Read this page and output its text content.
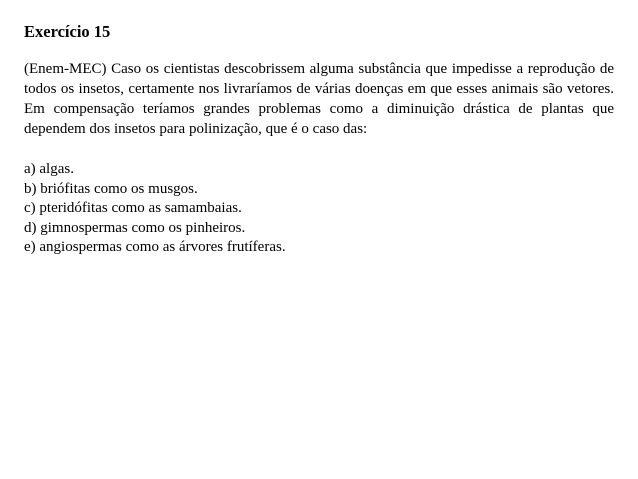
Exercício 15

(Enem-MEC) Caso os cientistas descobrissem alguma substância que impedisse a reprodução de todos os insetos, certamente nos livraríamos de várias doenças em que esses animais são vetores. Em compensação teríamos grandes problemas como a diminuição drástica de plantas que dependem dos insetos para polinização, que é o caso das:

a) algas.
b) briófitas como os musgos.
c) pteridófitas como as samambaias.
d) gimnospermas como os pinheiros.
e) angiospermas como as árvores frutíferas.
